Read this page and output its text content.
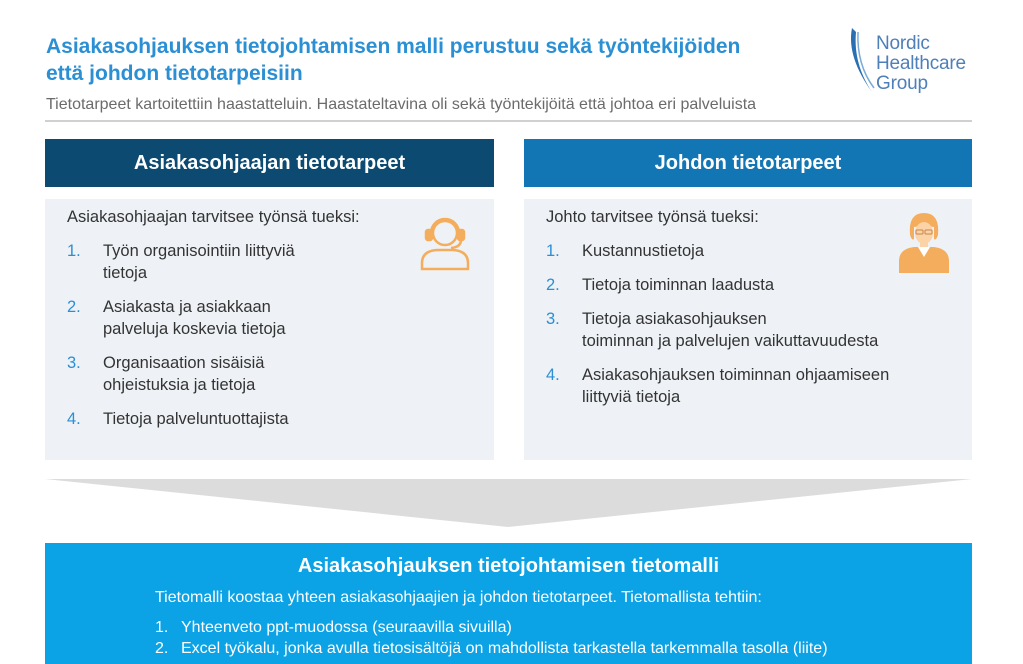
Asiakasohjauksen tietojohtamisen malli perustuu sekä työntekijöiden että johdon tietotarpeisiin
Tietotarpeet kartoitettiin haastatteluin. Haastateltavina oli sekä työntekijöitä että johtoa eri palveluista
Nordic
Healthcare
Group
Asiakasohjaajan tietotarpeet
Asiakasohjaajan tarvitsee työnsä tueksi:
1. Työn organisointiin liittyviä
tietoja
2. Asiakasta ja asiakkaan
palveluja koskevia tietoja
3. Organisaation sisäisiä
ohjeistuksia ja tietoja
4. Tietoja palveluntuottajista
Johdon tietotarpeet
Johto tarvitsee työnsä tueksi:
1. Kustannustietoja
2. Tietoja toiminnan laadusta
3. Tietoja asiakasohjauksen
toiminnan ja palvelujen vaikuttavuudesta
4. Asiakasohjauksen toiminnan ohjaamiseen
liittyviä tietoja
Asiakasohjauksen tietojohtamisen tietomalli
Tietomalli koostaa yhteen asiakasohjaajien ja johdon tietotarpeet. Tietomallista tehtiin:
1. Yhteenveto ppt-muodossa (seuraavilla sivuilla)
2. Excel työkalu, jonka avulla tietosisältöjä on mahdollista tarkastella tarkemmalla tasolla (liite)
